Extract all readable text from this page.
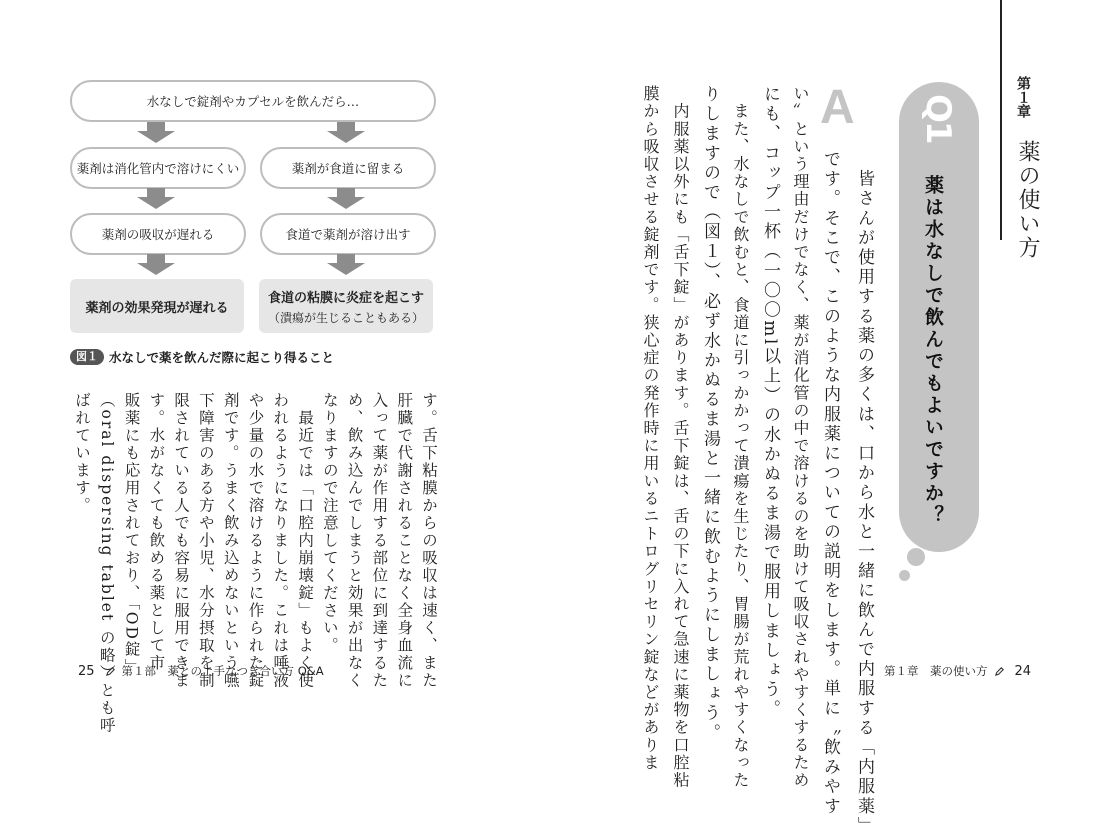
水なしで錠剤やカプセルを飲んだら…
薬剤は消化管内で溶けにくい	薬剤が食道に留まる
薬剤の吸収が遅れる	食道で薬剤が溶け出す
薬剤の効果発現が遅れる
食道の粘膜に炎症を起こす
（潰瘍が生じることもある）
図１ 水なしで薬を飲んだ際に起こり得ること
す。舌下粘膜からの吸収は速く、また
肝臓で代謝されることなく全身血流に
入って薬が作用する部位に到達するた
め、飲み込んでしまうと効果が出なく
なりますので注意してください。
　最近では「口腔内崩壊錠」もよく使
われるようになりました。これは唾液
や少量の水で溶けるように作られた錠
剤です。うまく飲み込めないという嚥
下障害のある方や小児、水分摂取を制
限されている人でも容易に服用できま
す。水がなくても飲める薬として市
販薬にも応用されており、「OD錠」
（oral dispersing tablet の略）とも呼
ばれています。
25 第１部　薬との上手なつき合い方 Q&A
第１章
薬の使い方
Q1
薬は水なしで飲んでもよいですか？
A
　皆さんが使用する薬の多くは、口から水と一緒に飲んで内服する「内服薬」
です。そこで、このような内服薬についての説明をします。単に〝飲みやす
い〟という理由だけでなく、薬が消化管の中で溶けるのを助けて吸収されやすくするため
にも、コップ一杯（一〇〇ml以上）の水かぬるま湯で服用しましょう。
　また、水なしで飲むと、食道に引っかかって潰瘍を生じたり、胃腸が荒れやすくなった
りしますので（図１）、必ず水かぬるま湯と一緒に飲むようにしましょう。
　内服薬以外にも「舌下錠」があります。舌下錠は、舌の下に入れて急速に薬物を口腔粘
膜から吸収させる錠剤です。狭心症の発作時に用いるニトログリセリン錠などがありま	第１章　薬の使い方 24
